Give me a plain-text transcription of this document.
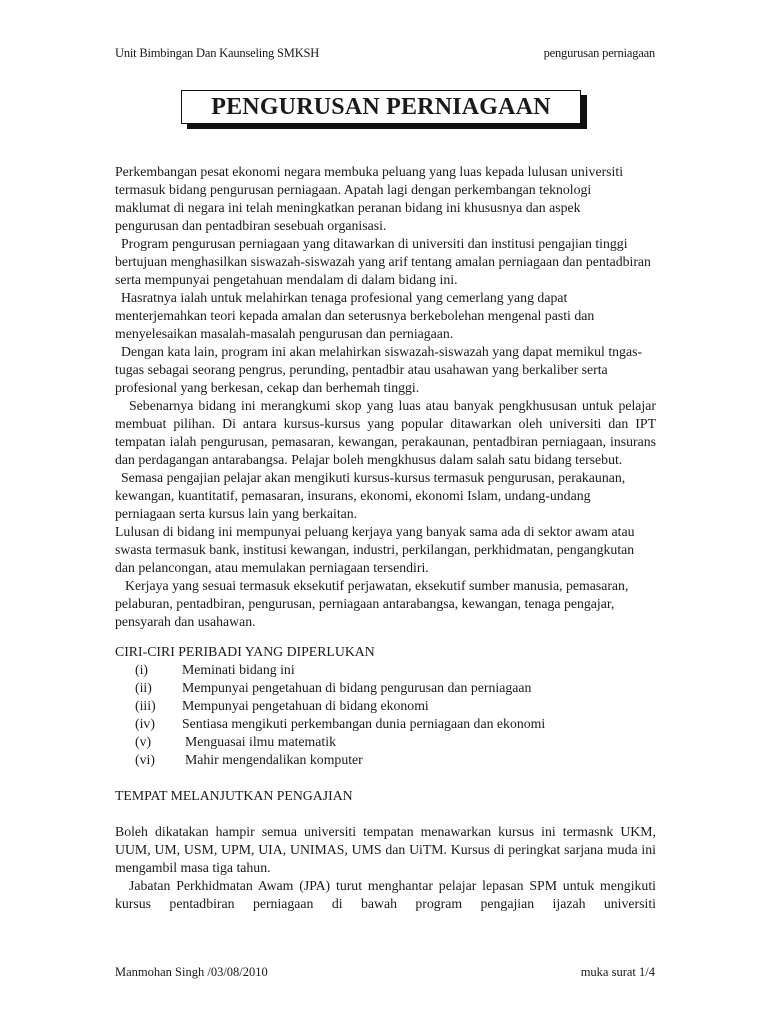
Unit Bimbingan Dan Kaunseling SMKSH	pengurusan perniagaan
PENGURUSAN PERNIAGAAN

Perkembangan pesat ekonomi negara membuka peluang yang luas kepada lulusan universiti termasuk bidang pengurusan perniagaan. Apatah lagi dengan perkembangan teknologi maklumat di negara ini telah meningkatkan peranan bidang ini khususnya dan aspek pengurusan dan pentadbiran sesebuah organisasi.

Program pengurusan perniagaan yang ditawarkan di universiti dan institusi pengajian tinggi bertujuan menghasilkan siswazah-siswazah yang arif tentang amalan perniagaan dan pentadbiran serta mempunyai pengetahuan mendalam di dalam bidang ini.

Hasratnya ialah untuk melahirkan tenaga profesional yang cemerlang yang dapat menterjemahkan teori kepada amalan dan seterusnya berkebolehan mengenal pasti dan menyelesaikan masalah-masalah pengurusan dan perniagaan.

Dengan kata lain, program ini akan melahirkan siswazah-siswazah yang dapat memikul tngas-tugas sebagai seorang pengrus, perunding, pentadbir atau usahawan yang berkaliber serta profesional yang berkesan, cekap dan berhemah tinggi.

Sebenarnya bidang ini merangkumi skop yang luas atau banyak pengkhususan untuk pelajar membuat pilihan. Di antara kursus-kursus yang popular ditawarkan oleh universiti dan IPT tempatan ialah pengurusan, pemasaran, kewangan, perakaunan, pentadbiran perniagaan, insurans dan perdagangan antarabangsa. Pelajar boleh mengkhusus dalam salah satu bidang tersebut.

Semasa pengajian pelajar akan mengikuti kursus-kursus termasuk pengurusan, perakaunan, kewangan, kuantitatif, pemasaran, insurans, ekonomi, ekonomi Islam, undang-undang perniagaan serta kursus lain yang berkaitan.

Lulusan di bidang ini mempunyai peluang kerjaya yang banyak sama ada di sektor awam atau swasta termasuk bank, institusi kewangan, industri, perkilangan, perkhidmatan, pengangkutan dan pelancongan, atau memulakan perniagaan tersendiri.

Kerjaya yang sesuai termasuk eksekutif perjawatan, eksekutif sumber manusia, pemasaran, pelaburan, pentadbiran, pengurusan, perniagaan antarabangsa, kewangan, tenaga pengajar, pensyarah dan usahawan.

CIRI-CIRI PERIBADI YANG DIPERLUKAN

(i)	Meminati bidang ini
(ii)	Mempunyai pengetahuan di bidang pengurusan dan perniagaan
(iii)	Mempunyai pengetahuan di bidang ekonomi
(iv)	Sentiasa mengikuti perkembangan dunia perniagaan dan ekonomi
(v)	Menguasai ilmu matematik
(vi)	Mahir mengendalikan komputer

TEMPAT MELANJUTKAN PENGAJIAN

Boleh dikatakan hampir semua universiti tempatan menawarkan kursus ini termasnk UKM, UUM, UM, USM, UPM, UIA, UNIMAS, UMS dan UiTM. Kursus di peringkat sarjana muda ini mengambil masa tiga tahun.

Jabatan Perkhidmatan Awam (JPA) turut menghantar pelajar lepasan SPM untuk mengikuti kursus pentadbiran perniagaan di bawah program pengajian ijazah universiti

Manmohan Singh /03/08/2010	muka surat 1/4
